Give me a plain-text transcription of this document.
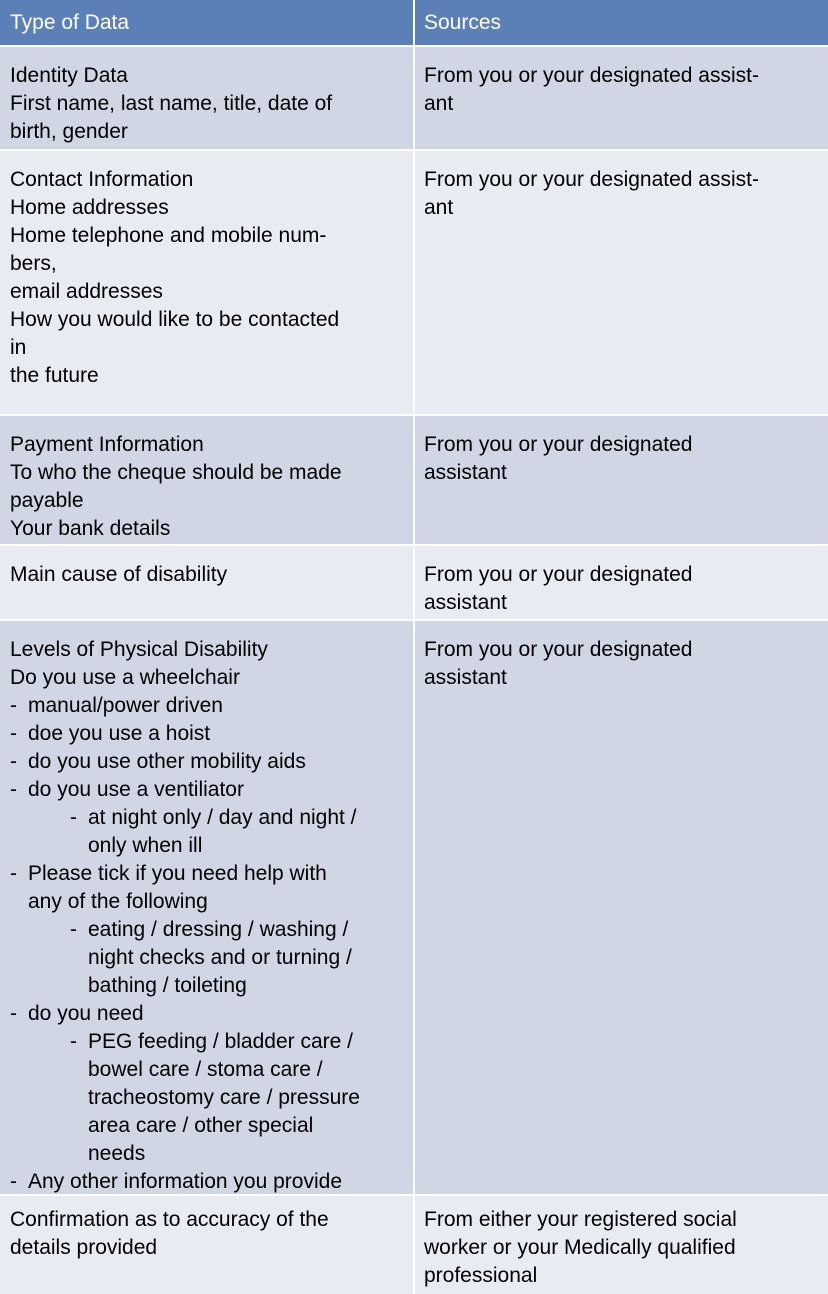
Type of Data	Sources
Identity Data
First name, last name, title, date of
birth, gender
From you or your designated assist-
ant
Contact Information
Home addresses
Home telephone and mobile num-
bers,
email addresses
How you would like to be contacted
in
the future
From you or your designated assist-
ant
Payment Information
To who the cheque should be made
payable
Your bank details
From you or your designated
assistant
Main cause of disability	From you or your designated
assistant
Levels of Physical Disability
Do you use a wheelchair
- manual/power driven
- doe you use a hoist
- do you use other mobility aids
- do you use a ventiliator
- at night only / day and night /
only when ill
- Please tick if you need help with
any of the following
- eating / dressing / washing /
night checks and or turning /
bathing / toileting
- do you need
- PEG feeding / bladder care /
bowel care / stoma care /
tracheostomy care / pressure
area care / other special
needs
- Any other information you provide
From you or your designated
assistant
Confirmation as to accuracy of the
details provided
From either your registered social
worker or your Medically qualified
professional
